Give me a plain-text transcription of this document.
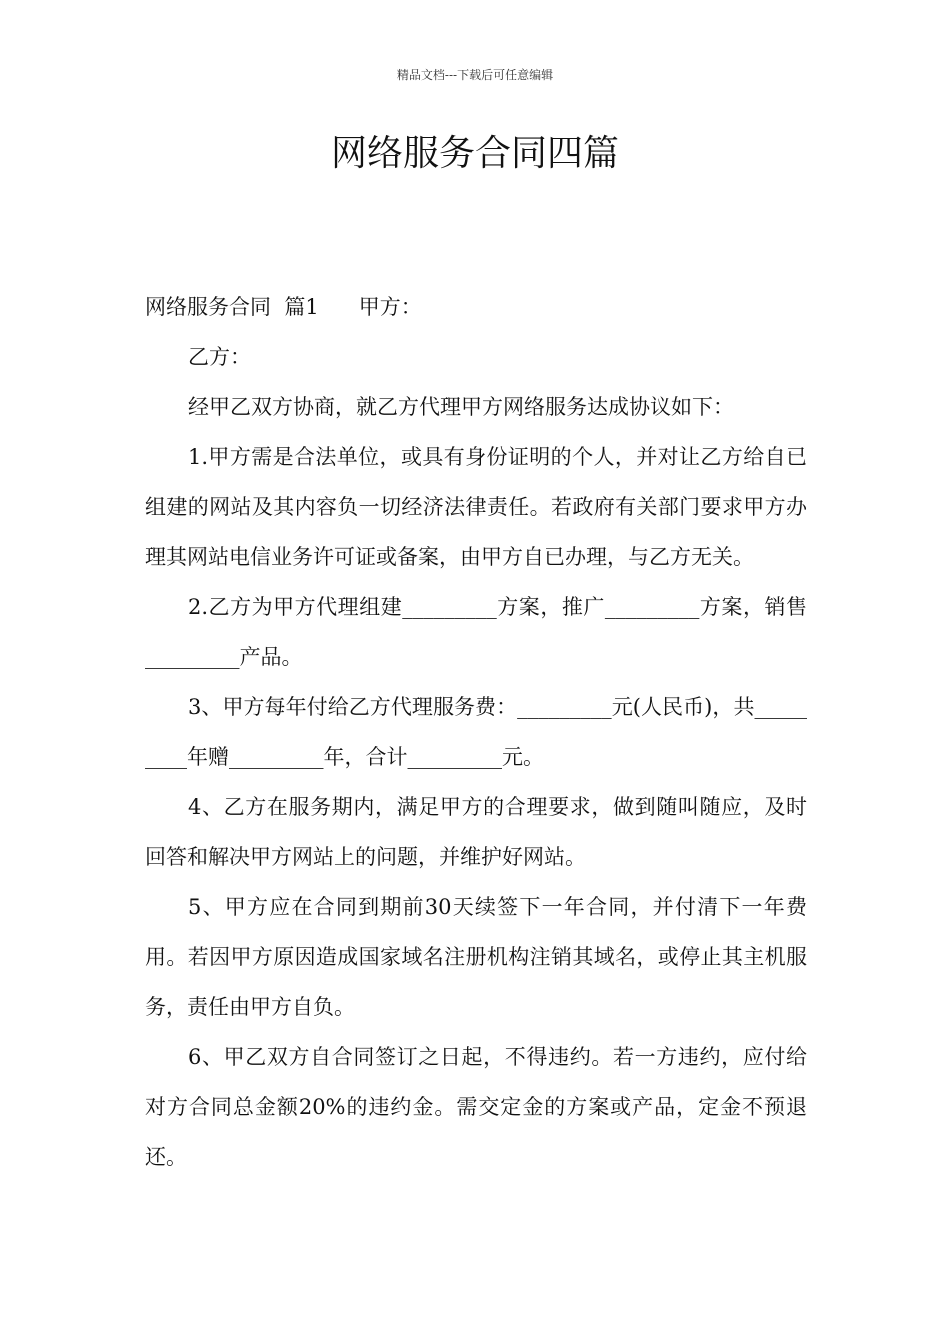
精品文档---下载后可任意编辑
网络服务合同四篇

网络服务合同  篇1 甲方：

乙方：

经甲乙双方协商，就乙方代理甲方网络服务达成协议如下：

1.甲方需是合法单位，或具有身份证明的个人，并对让乙方给自已组建的网站及其内容负一切经济法律责任。若政府有关部门要求甲方办理其网站电信业务许可证或备案，由甲方自已办理，与乙方无关。

2.乙方为甲方代理组建_________方案，推广_________方案，销售_________产品。

3、甲方每年付给乙方代理服务费：_________元(人民币)，共_________年赠_________年，合计_________元。

4、乙方在服务期内，满足甲方的合理要求，做到随叫随应，及时回答和解决甲方网站上的问题，并维护好网站。

5、甲方应在合同到期前30天续签下一年合同，并付清下一年费用。若因甲方原因造成国家域名注册机构注销其域名，或停止其主机服务，责任由甲方自负。

6、甲乙双方自合同签订之日起，不得违约。若一方违约，应付给对方合同总金额20%的违约金。需交定金的方案或产品，定金不预退还。
